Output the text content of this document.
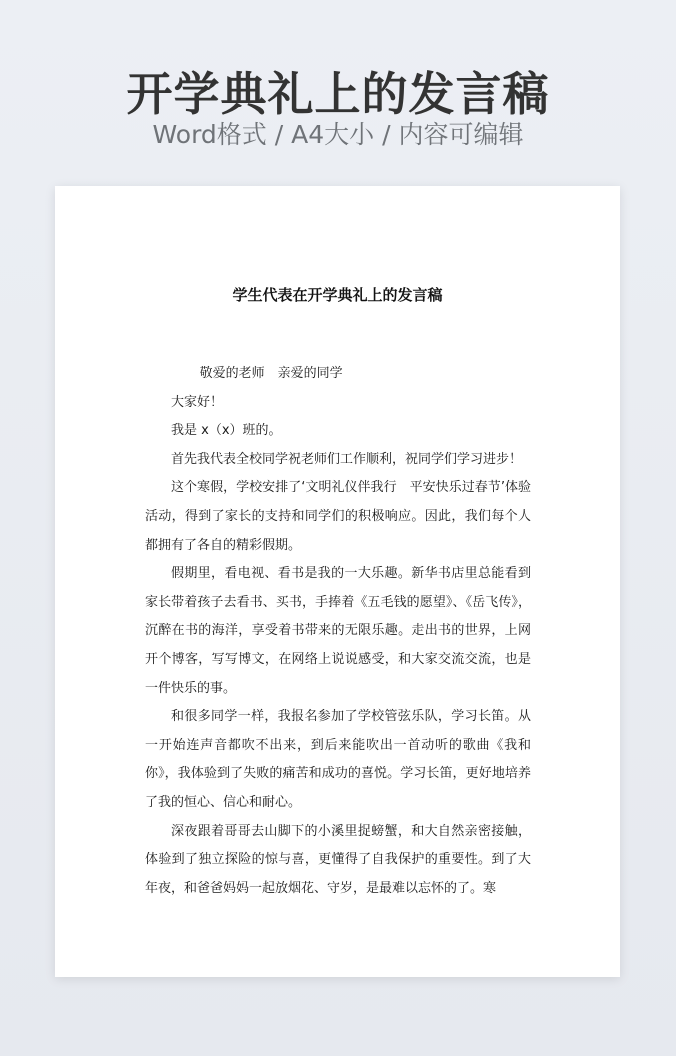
开学典礼上的发言稿
Word格式 / A4大小 / 内容可编辑
学生代表在开学典礼上的发言稿

敬爱的老师　亲爱的同学

大家好！

我是 x（x）班的。

首先我代表全校同学祝老师们工作顺利，祝同学们学习进步！

这个寒假，学校安排了‘文明礼仪伴我行　平安快乐过春节’体验活动，得到了家长的支持和同学们的积极响应。因此，我们每个人都拥有了各自的精彩假期。

假期里，看电视、看书是我的一大乐趣。新华书店里总能看到家长带着孩子去看书、买书，手捧着《五毛钱的愿望》、《岳飞传》，沉醉在书的海洋，享受着书带来的无限乐趣。走出书的世界，上网开个博客，写写博文，在网络上说说感受，和大家交流交流，也是一件快乐的事。

和很多同学一样，我报名参加了学校管弦乐队，学习长笛。从一开始连声音都吹不出来，到后来能吹出一首动听的歌曲《我和你》，我体验到了失败的痛苦和成功的喜悦。学习长笛，更好地培养了我的恒心、信心和耐心。

深夜跟着哥哥去山脚下的小溪里捉螃蟹，和大自然亲密接触，体验到了独立探险的惊与喜，更懂得了自我保护的重要性。到了大年夜，和爸爸妈妈一起放烟花、守岁，是最难以忘怀的了。寒
